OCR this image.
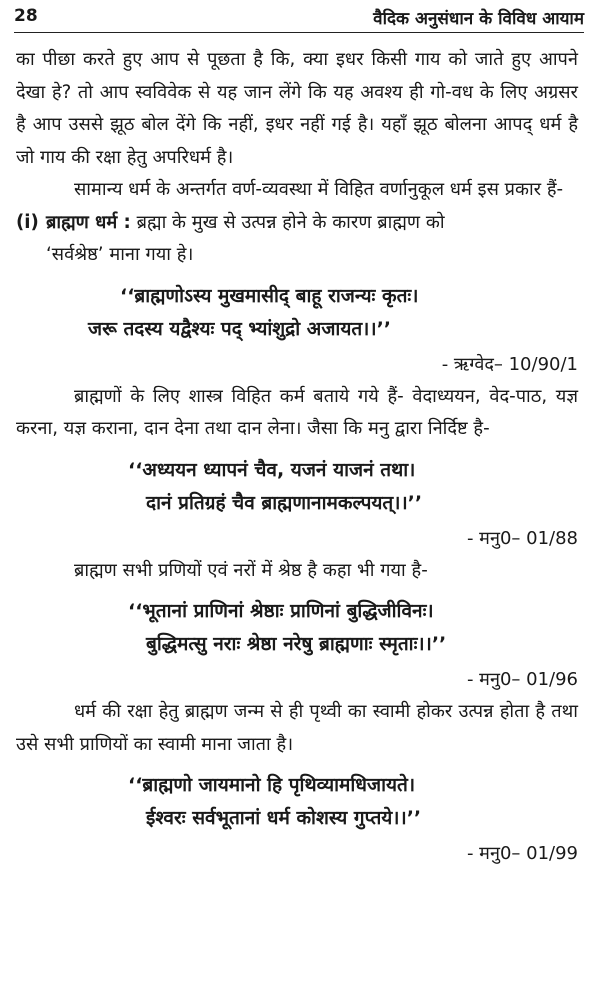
28	वैदिक अनुसंधान के विविध आयाम

का पीछा करते हुए आप से पूछता है कि, क्या इधर किसी गाय को जाते हुए आपने देखा हे? तो आप स्वविवेक से यह जान लेंगे कि यह अवश्य ही गो-वध के लिए अग्रसर है आप उससे झूठ बोल देंगे कि नहीं, इधर नहीं गई है। यहाँ झूठ बोलना आपद् धर्म है जो गाय की रक्षा हेतु अपरिधर्म है।

सामान्य धर्म के अन्तर्गत वर्ण-व्यवस्था में विहित वर्णानुकूल धर्म इस प्रकार हैं-

(i) ब्राह्मण धर्म : ब्रह्मा के मुख से उत्पन्न होने के कारण ब्राह्मण को

‘सर्वश्रेष्ठ’ माना गया हे।

‘‘ब्राह्मणोऽस्य मुखमासीद् बाहू राजन्यः कृतः।
जरू तदस्य यद्वैश्यः पद् भ्यांशुद्रो अजायत।।’’
- ऋग्वेद– 10/90/1

ब्राह्मणों के लिए शास्त्र विहित कर्म बताये गये हैं- वेदाध्ययन, वेद-पाठ, यज्ञ करना, यज्ञ कराना, दान देना तथा दान लेना। जैसा कि मनु द्वारा निर्दिष्ट है-

‘‘अध्ययन ध्यापनं चैव, यजनं याजनं तथा।
दानं प्रतिग्रहं चैव ब्राह्मणानामकल्पयत्।।’’
- मनु0– 01/88

ब्राह्मण सभी प्रणियों एवं नरों में श्रेष्ठ है कहा भी गया है-

‘‘भूतानां प्राणिनां श्रेष्ठाः प्राणिनां बुद्धिजीविनः।
बुद्धिमत्सु नराः श्रेष्ठा नरेषु ब्राह्मणाः स्मृताः।।’’
- मनु0– 01/96

धर्म की रक्षा हेतु ब्राह्मण जन्म से ही पृथ्वी का स्वामी होकर उत्पन्न होता है तथा उसे सभी प्राणियों का स्वामी माना जाता है।

‘‘ब्राह्मणो जायमानो हि पृथिव्यामधिजायते।
ईश्वरः सर्वभूतानां धर्म कोशस्य गुप्तये।।’’
- मनु0– 01/99
